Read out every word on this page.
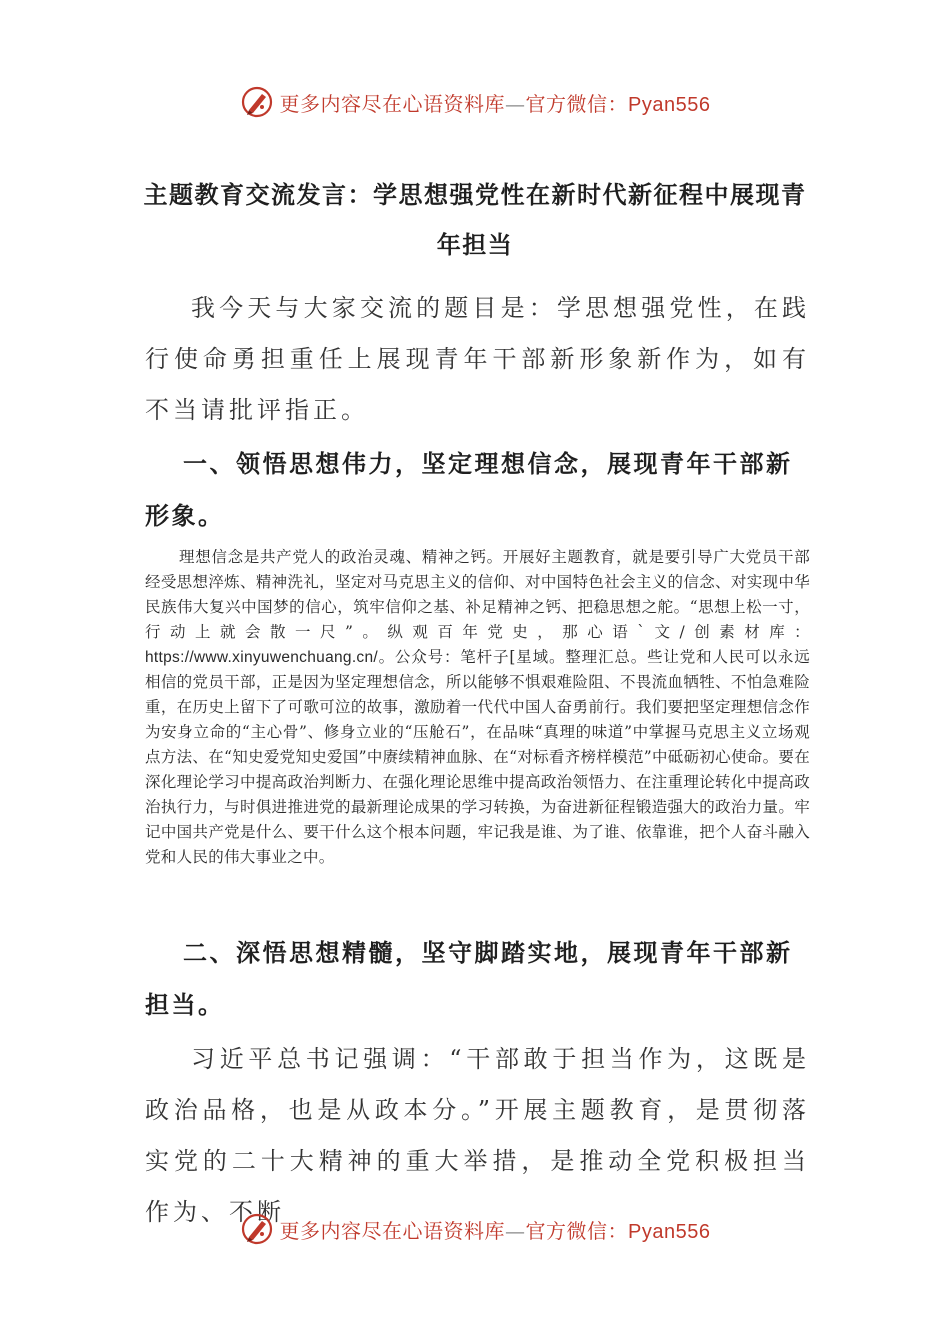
更多内容尽在心语资料库—官方微信：Pyan556
主题教育交流发言：学思想强党性在新时代新征程中展现青年担当

我今天与大家交流的题目是：学思想强党性，在践行使命勇担重任上展现青年干部新形象新作为，如有不当请批评指正。

一、领悟思想伟力，坚定理想信念，展现青年干部新形象。

理想信念是共产党人的政治灵魂、精神之钙。开展好主题教育，就是要引导广大党员干部经受思想淬炼、精神洗礼，坚定对马克思主义的信仰、对中国特色社会主义的信念、对实现中华民族伟大复兴中国梦的信心，筑牢信仰之基、补足精神之钙、把稳思想之舵。“思想上松一寸，行动上就会散一尺”。纵观百年党史，那心语`文/创素材库：https://www.xinyuwenchuang.cn/。公众号：笔杆子[星域。整理汇总。些让党和人民可以永远相信的党员干部，正是因为坚定理想信念，所以能够不惧艰难险阻、不畏流血牺牲、不怕急难险重，在历史上留下了可歌可泣的故事，激励着一代代中国人奋勇前行。我们要把坚定理想信念作为安身立命的“主心骨”、修身立业的“压舱石”，在品味“真理的味道”中掌握马克思主义立场观点方法、在“知史爱党知史爱国”中赓续精神血脉、在“对标看齐榜样模范”中砥砺初心使命。要在深化理论学习中提高政治判断力、在强化理论思维中提高政治领悟力、在注重理论转化中提高政治执行力，与时俱进推进党的最新理论成果的学习转换，为奋进新征程锻造强大的政治力量。牢记中国共产党是什么、要干什么这个根本问题，牢记我是谁、为了谁、依靠谁，把个人奋斗融入党和人民的伟大事业之中。

二、深悟思想精髓，坚守脚踏实地，展现青年干部新担当。

习近平总书记强调：“干部敢于担当作为，这既是政治品格，也是从政本分。”开展主题教育，是贯彻落实党的二十大精神的重大举措，是推动全党积极担当作为、不断

更多内容尽在心语资料库—官方微信：Pyan556
